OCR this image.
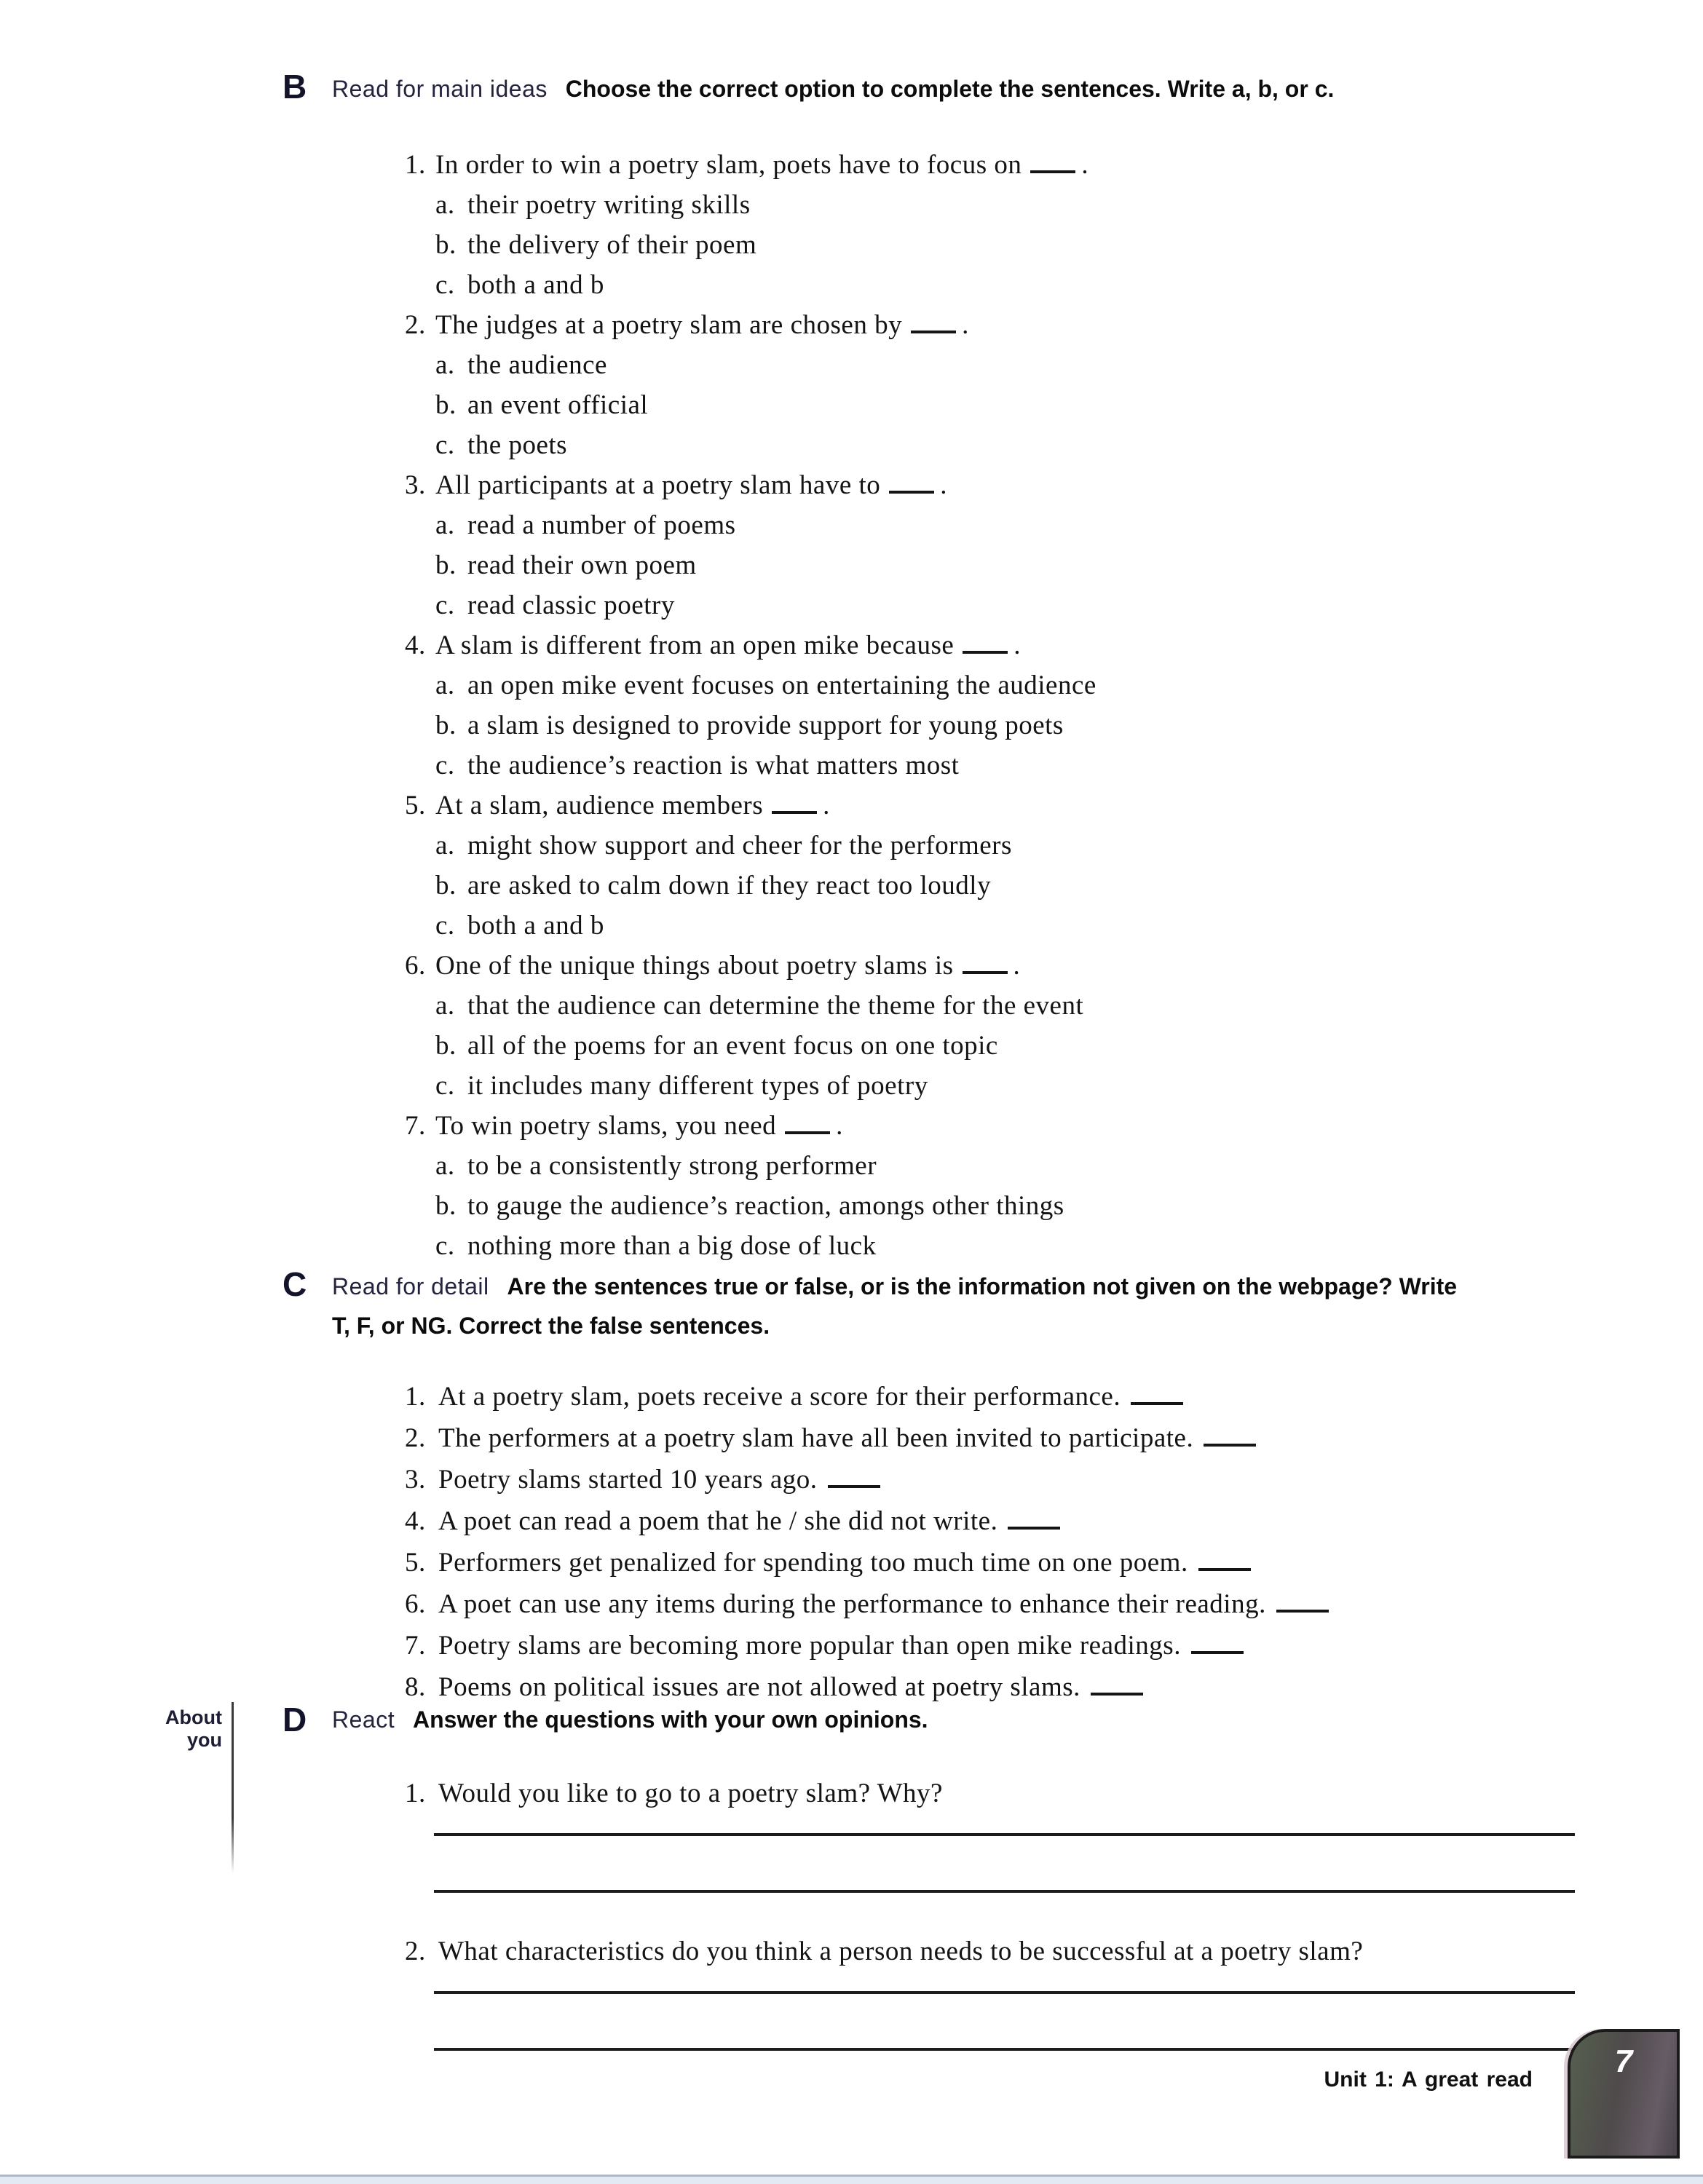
B	Read for main ideas Choose the correct option to complete the sentences. Write a, b, or c.

1. In order to win a poetry slam, poets have to focus on .
a. their poetry writing skills
b. the delivery of their poem
c. both a and b
2. The judges at a poetry slam are chosen by .
a. the audience
b. an event official
c. the poets
3. All participants at a poetry slam have to .
a. read a number of poems
b. read their own poem
c. read classic poetry
4. A slam is different from an open mike because .
a. an open mike event focuses on entertaining the audience
b. a slam is designed to provide support for young poets
c. the audience’s reaction is what matters most
5. At a slam, audience members .
a. might show support and cheer for the performers
b. are asked to calm down if they react too loudly
c. both a and b
6. One of the unique things about poetry slams is .
a. that the audience can determine the theme for the event
b. all of the poems for an event focus on one topic
c. it includes many different types of poetry
7. To win poetry slams, you need .
a. to be a consistently strong performer
b. to gauge the audience’s reaction, amongs other things
c. nothing more than a big dose of luck
C	Read for detail Are the sentences true or false, or is the information not given on the webpage? Write T, F, or NG. Correct the false sentences.

1. At a poetry slam, poets receive a score for their performance.
2. The performers at a poetry slam have all been invited to participate.
3. Poetry slams started 10 years ago.
4. A poet can read a poem that he / she did not write.
5. Performers get penalized for spending too much time on one poem.
6. A poet can use any items during the performance to enhance their reading.
7. Poetry slams are becoming more popular than open mike readings.
8. Poems on political issues are not allowed at poetry slams.
D	React Answer the questions with your own opinions.

1. Would you like to go to a poetry slam? Why?
2. What characteristics do you think a person needs to be successful at a poetry slam?
About
you
Unit 1: A great read
7
